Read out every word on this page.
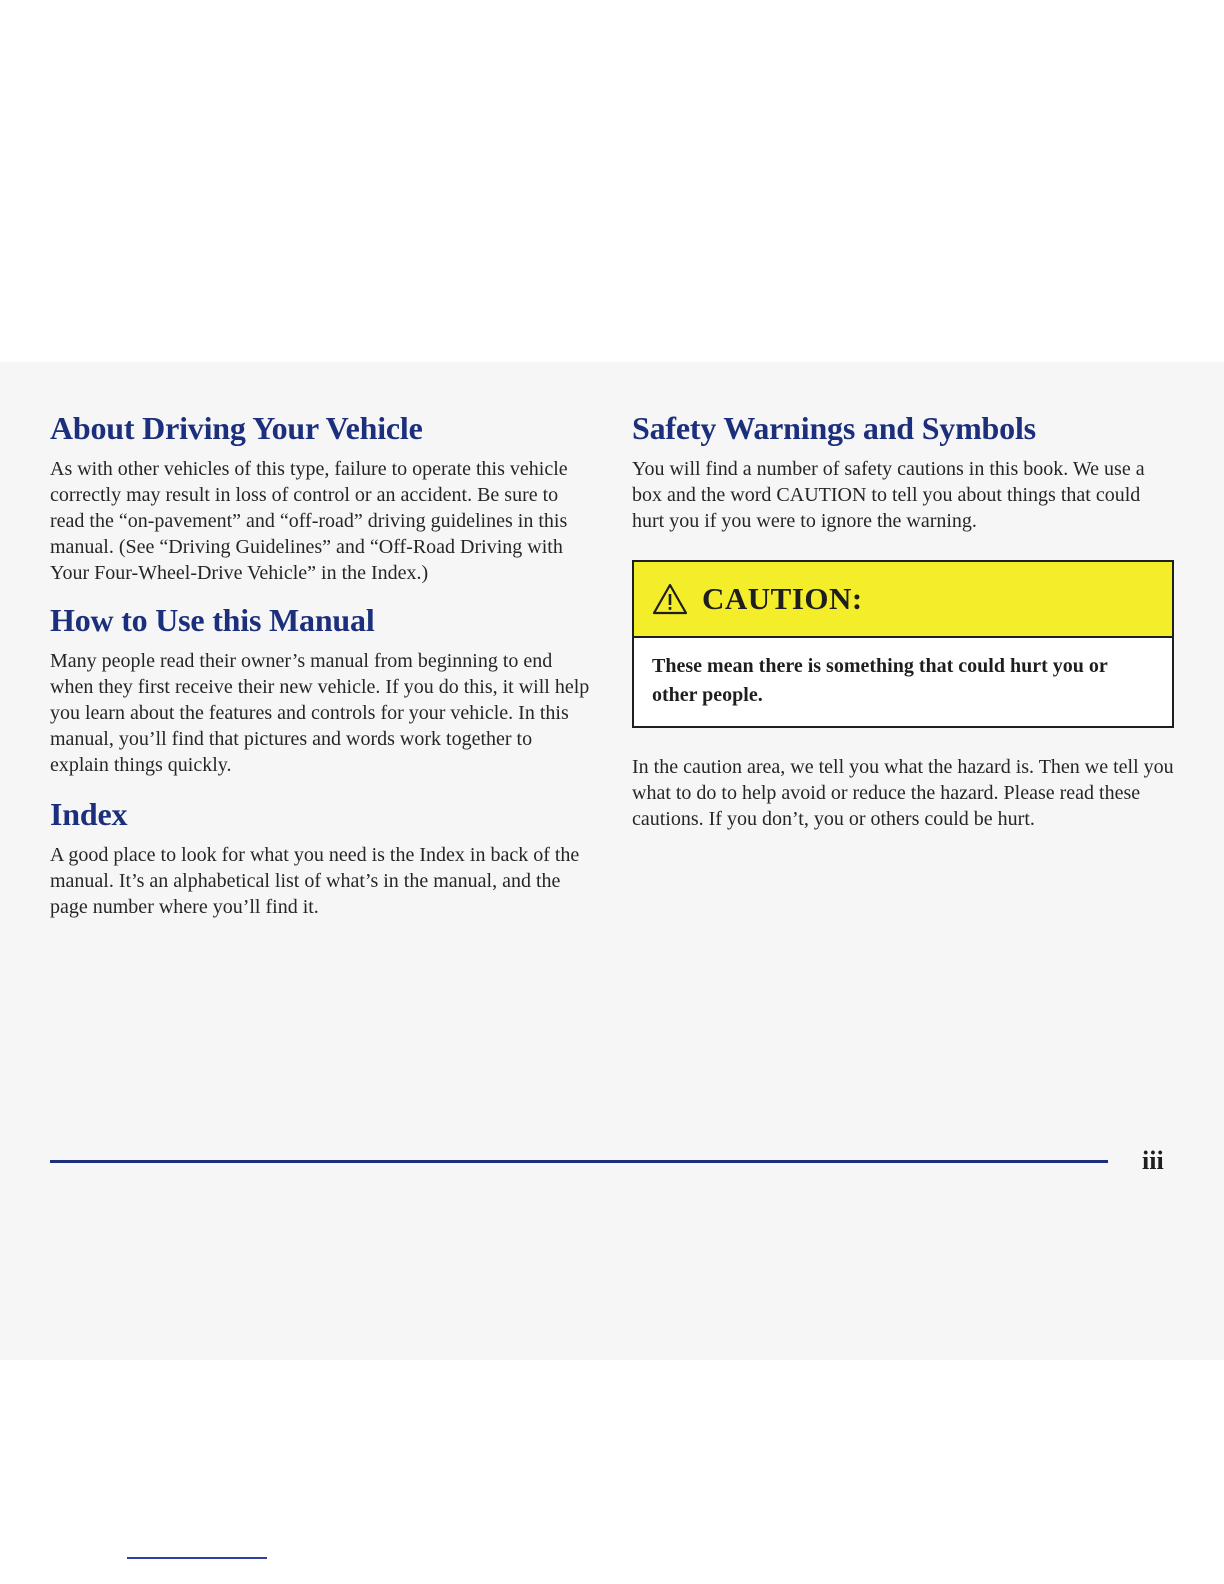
About Driving Your Vehicle

As with other vehicles of this type, failure to operate this vehicle correctly may result in loss of control or an accident. Be sure to read the “on-pavement” and “off-road” driving guidelines in this manual. (See “Driving Guidelines” and “Off-Road Driving with Your Four-Wheel-Drive Vehicle” in the Index.)

How to Use this Manual

Many people read their owner’s manual from beginning to end when they first receive their new vehicle. If you do this, it will help you learn about the features and controls for your vehicle. In this manual, you’ll find that pictures and words work together to explain things quickly.

Index

A good place to look for what you need is the Index in back of the manual. It’s an alphabetical list of what’s in the manual, and the page number where you’ll find it.

Safety Warnings and Symbols

You will find a number of safety cautions in this book. We use a box and the word CAUTION to tell you about things that could hurt you if you were to ignore the warning.

CAUTION:
These mean there is something that could hurt you or other people.

In the caution area, we tell you what the hazard is. Then we tell you what to do to help avoid or reduce the hazard. Please read these cautions. If you don’t, you or others could be hurt.

iii
